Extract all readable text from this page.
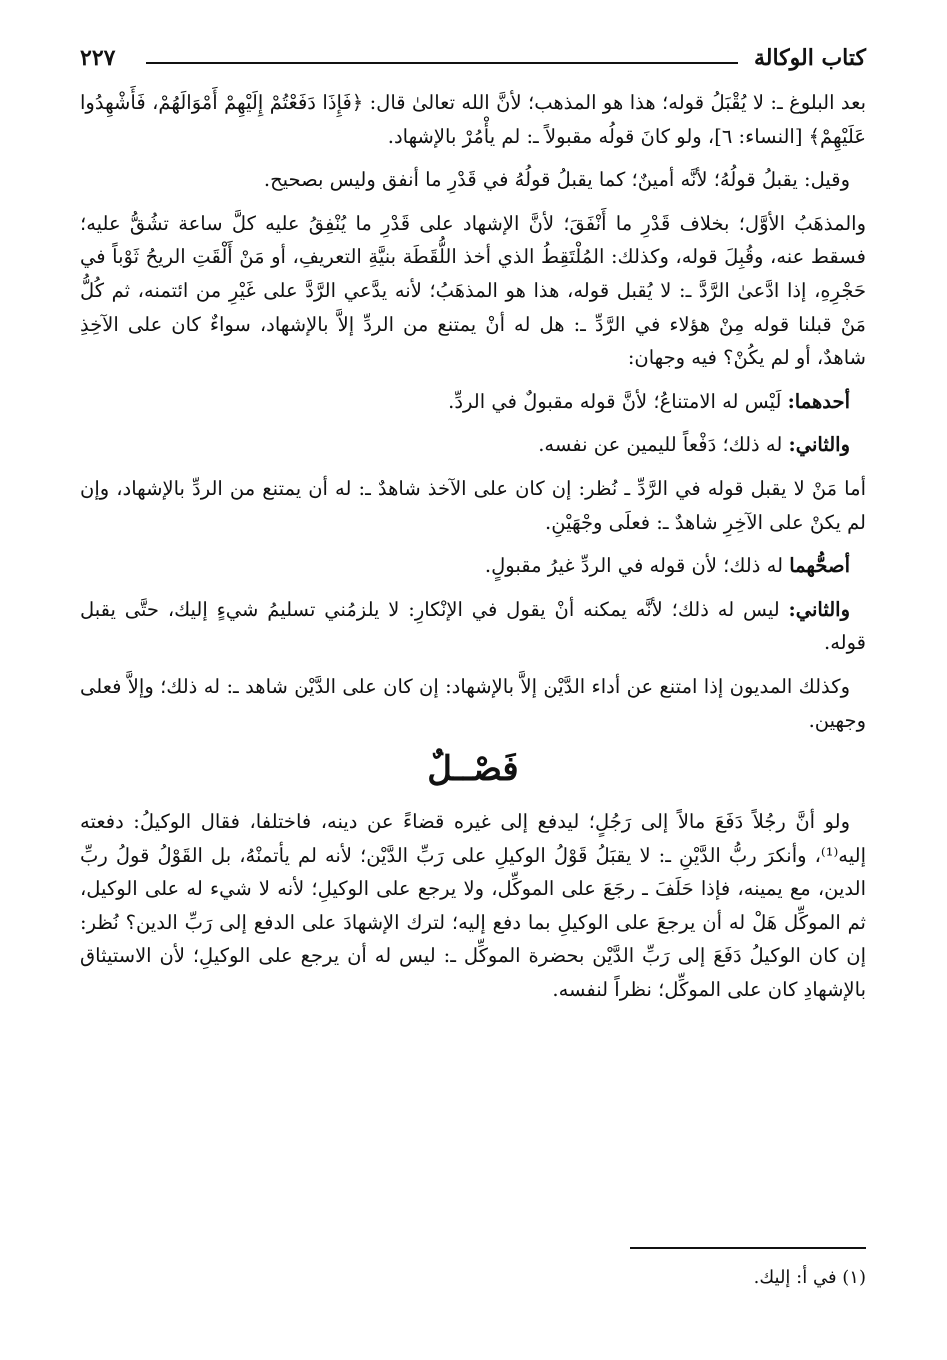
كتاب الوكالة
٢٢٧

بعد البلوغ ـ: لا يُقْبَلُ قوله؛ هذا هو المذهب؛ لأنَّ الله تعالىٰ قال: ﴿فَإِذَا دَفَعْتُمْ إِلَيْهِمْ أَمْوَالَهُمْ، فَأَشْهِدُوا عَلَيْهِمْ﴾ [النساء: ٦]، ولو كانَ قولُه مقبولاً ـ: لم يأْمُرْ بالإشهاد.

وقيل: يقبلُ قولُهُ؛ لأنَّه أمينٌ؛ كما يقبلُ قولُهُ في قَدْرِ ما أنفق وليس بصحيح.

والمذهَبُ الأوَّل؛ بخلاف قَدْرِ ما أَنْفَقَ؛ لأنَّ الإشهاد على قَدْرِ ما يُنْفِقُ عليه كلَّ ساعة تشُقُّ عليه؛ فسقط عنه، وقُبِلَ قوله، وكذلك: المُلْتَقِطُ الذي أخذ اللُّقَطَة بنيَّةِ التعريفِ، أو مَنْ أَلْقَتِ الريحُ ثَوْباً في حَجْرِهِ، إذا ادَّعىٰ الرَّدَّ ـ: لا يُقبل قوله، هذا هو المذهَبُ؛ لأنه يدَّعي الرَّدَّ على غَيْرِ من ائتمنه، ثم كُلُّ مَنْ قبلنا قوله مِنْ هؤلاء في الرَّدِّ ـ: هل له أنْ يمتنع من الردِّ إلاَّ بالإشهاد، سواءٌ كان على الآخِذِ شاهدٌ، أو لم يكُنْ؟ فيه وجهان:

أحدهما: لَيْس له الامتناعُ؛ لأنَّ قوله مقبولٌ في الردِّ.

والثاني: له ذلك؛ دَفْعاً لليمين عن نفسه.

أما مَنْ لا يقبل قوله في الرَّدِّ ـ نُظر: إن كان على الآخذ شاهدٌ ـ: له أن يمتنع من الردِّ بالإشهاد، وإن لم يكنْ على الآخِرِ شاهدٌ ـ: فعلَى وجْهَيْنِ.

أصحُّهما له ذلك؛ لأن قوله في الردِّ غيرُ مقبولٍ.

والثاني: ليس له ذلك؛ لأنَّه يمكنه أنْ يقول في الإنْكارِ: لا يلزمُني تسليمُ شيءٍ إليك، حتَّى يقبل قوله.

وكذلك المديون إذا امتنع عن أداء الدَّيْن إلاَّ بالإشهاد: إن كان على الدَّيْن شاهد ـ: له ذلك؛ وإلاَّ فعلى وجهين.

فَصْــلٌ

ولو أنَّ رجُلاً دَفَعَ مالاً إلى رَجُلٍ؛ ليدفع إلى غيره قضاءً عن دينه، فاختلفا، فقال الوكيلُ: دفعته إليه⁽¹⁾، وأنكرَ ربُّ الدَّيْنِ ـ: لا يقبَلُ قَوْلُ الوكيلِ على رَبِّ الدَّيْن؛ لأنه لم يأتمنْهُ، بل القَوْلُ قولُ ربِّ الدين، مع يمينه، فإذا حَلَفَ ـ رجَعَ على الموكِّل، ولا يرجع على الوكيلِ؛ لأنه لا شيء له على الوكيل، ثم الموكِّل هَلْ له أن يرجعَ على الوكيلِ بما دفع إليه؛ لترك الإشهادَ على الدفع إلى رَبِّ الدين؟ نُظر: إن كان الوكيلُ دَفَعَ إلى رَبِّ الدَّيْن بحضرة الموكِّل ـ: ليس له أن يرجع على الوكيلِ؛ لأن الاستيثاق بالإشهادِ كان على الموكِّل؛ نظراً لنفسه.

(١) في أ: إليك.
